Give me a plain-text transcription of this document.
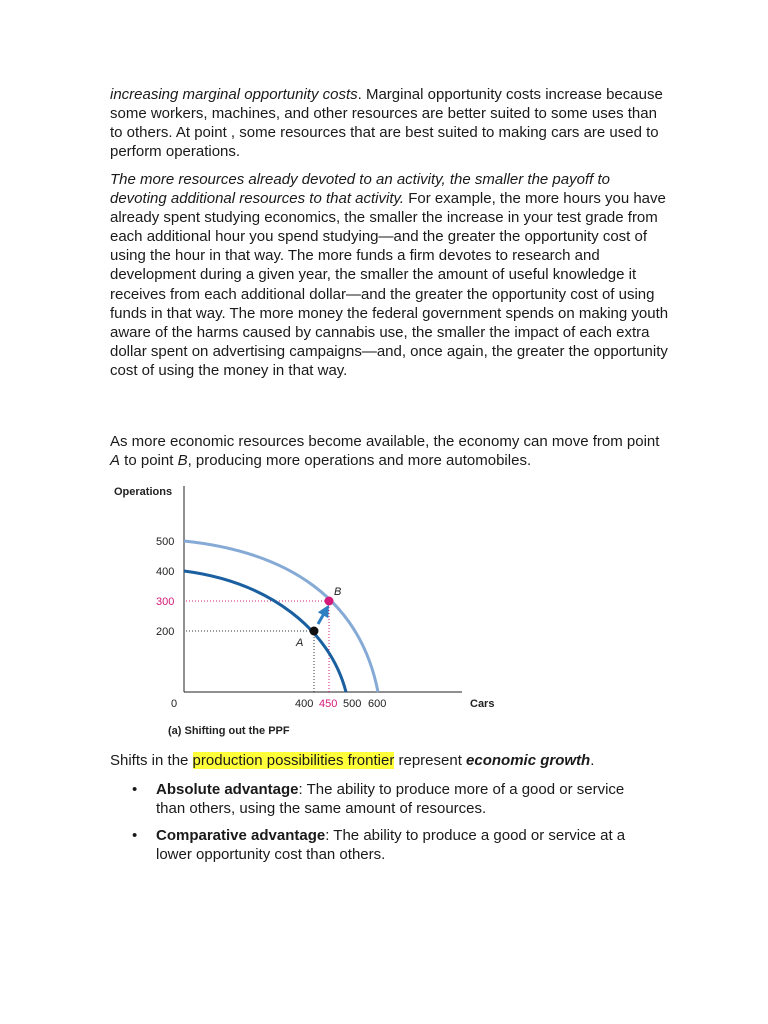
increasing marginal opportunity costs. Marginal opportunity costs increase because some workers, machines, and other resources are better suited to some uses than to others. At point , some resources that are best suited to making cars are used to perform operations.

The more resources already devoted to an activity, the smaller the payoff to devoting additional resources to that activity. For example, the more hours you have already spent studying economics, the smaller the increase in your test grade from each additional hour you spend studying—and the greater the opportunity cost of using the hour in that way. The more funds a firm devotes to research and development during a given year, the smaller the amount of useful knowledge it receives from each additional dollar—and the greater the opportunity cost of using funds in that way. The more money the federal government spends on making youth aware of the harms caused by cannabis use, the smaller the impact of each extra dollar spent on advertising campaigns—and, once again, the greater the opportunity cost of using the money in that way.

As more economic resources become available, the economy can move from point A to point B, producing more operations and more automobiles.

Operations
Cars
0
500
400
300
200
400 450 500 600
A
B
(a) Shifting out the PPF

Shifts in the production possibilities frontier represent economic growth.

• Absolute advantage: The ability to produce more of a good or service than others, using the same amount of resources.
• Comparative advantage: The ability to produce a good or service at a lower opportunity cost than others.
